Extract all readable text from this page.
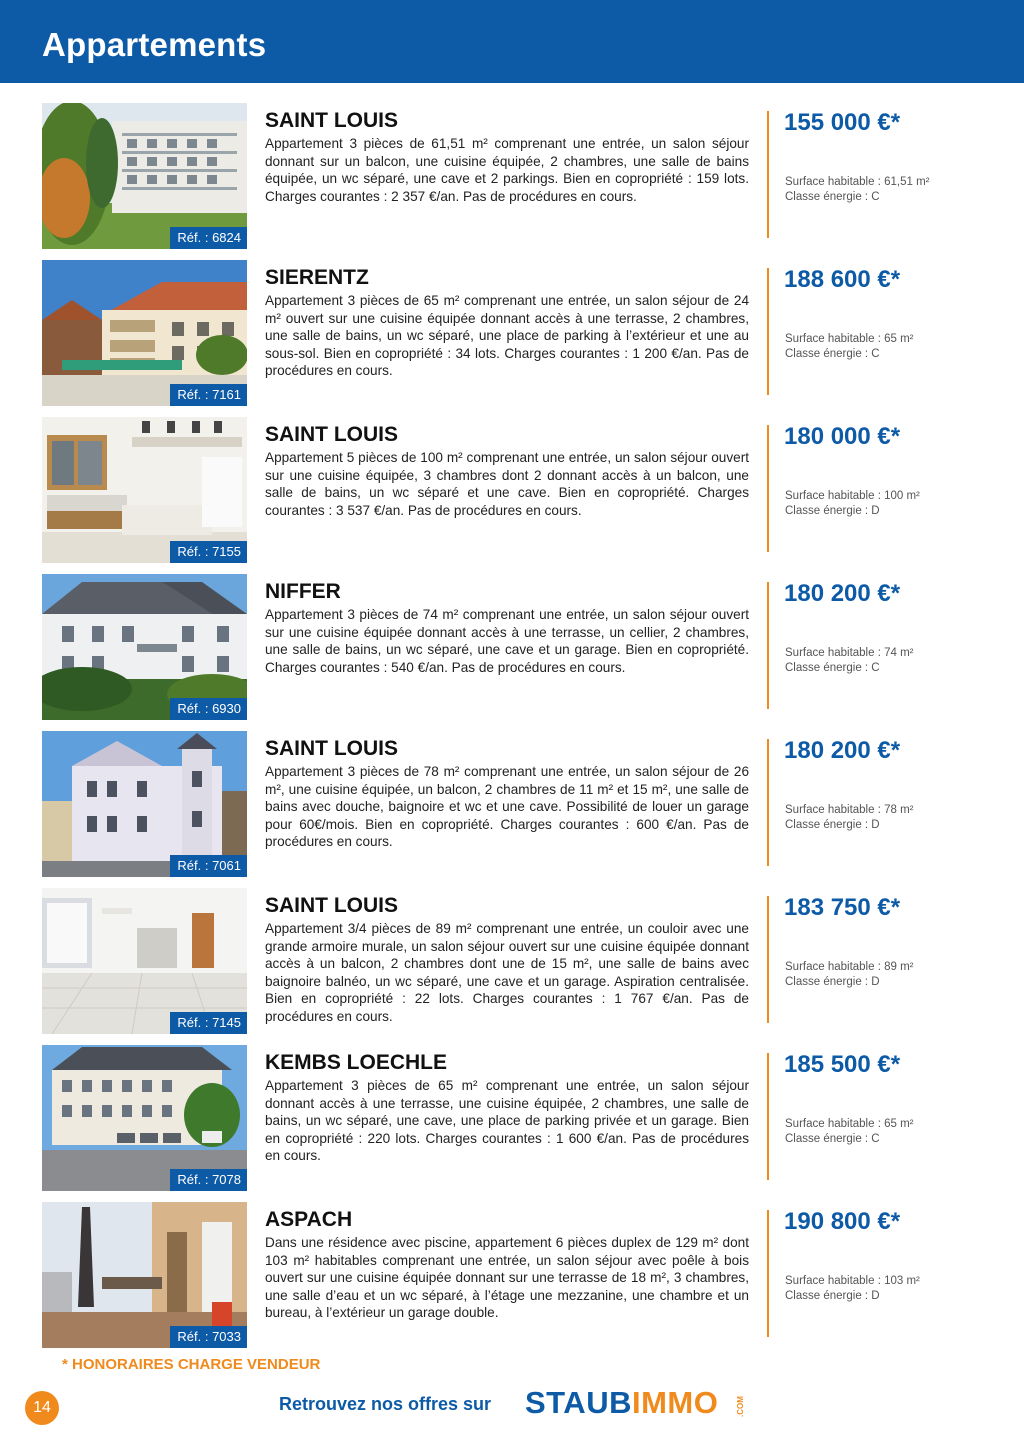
Appartements
Réf. : 6824
SAINT LOUIS
Appartement 3 pièces de 61,51 m² comprenant une entrée, un salon séjour donnant sur un balcon, une cuisine équipée, 2 chambres, une salle de bains équipée, un wc séparé, une cave et 2 parkings. Bien en copropriété : 159 lots. Charges courantes : 2 357 €/an. Pas de procédures en cours.
155 000 €*
Surface habitable : 61,51 m²
Classe énergie : C
Réf. : 7161
SIERENTZ
Appartement 3 pièces de 65 m² comprenant une entrée, un salon séjour de 24 m² ouvert sur une cuisine équipée donnant accès à une terrasse, 2 chambres, une salle de bains, un wc séparé, une place de parking à l’extérieur et une au sous-sol. Bien en copropriété : 34 lots. Charges courantes : 1 200 €/an. Pas de procédures en cours.
188 600 €*
Surface habitable : 65 m²
Classe énergie : C
Réf. : 7155
SAINT LOUIS
Appartement 5 pièces de 100 m² comprenant une entrée, un salon séjour ouvert sur une cuisine équipée, 3 chambres dont 2 donnant accès à un balcon, une salle de bains, un wc séparé et une cave. Bien en copropriété. Charges courantes : 3 537 €/an. Pas de procédures en cours.
180 000 €*
Surface habitable : 100 m²
Classe énergie : D
Réf. : 6930
NIFFER
Appartement 3 pièces de 74 m² comprenant une entrée, un salon séjour ouvert sur une cuisine équipée donnant accès à une terrasse, un cellier, 2 chambres, une salle de bains, un wc séparé, une cave et un garage. Bien en copropriété. Charges courantes : 540 €/an. Pas de procédures en cours.
180 200 €*
Surface habitable : 74 m²
Classe énergie : C
Réf. : 7061
SAINT LOUIS
Appartement 3 pièces de 78 m² comprenant une entrée, un salon séjour de 26 m², une cuisine équipée, un balcon, 2 chambres de 11 m² et 15 m², une salle de bains avec douche, baignoire et wc et une cave. Possibilité de louer un garage pour 60€/mois. Bien en copropriété. Charges courantes : 600 €/an. Pas de procédures en cours.
180 200 €*
Surface habitable : 78 m²
Classe énergie : D
Réf. : 7145
SAINT LOUIS
Appartement 3/4 pièces de 89 m² comprenant une entrée, un couloir avec une grande armoire murale, un salon séjour ouvert sur une cuisine équipée donnant accès à un balcon, 2 chambres dont une de 15 m², une salle de bains avec baignoire balnéo, un wc séparé, une cave et un garage. Aspiration centralisée. Bien en copropriété : 22 lots. Charges courantes : 1 767 €/an. Pas de procédures en cours.
183 750 €*
Surface habitable : 89 m²
Classe énergie : D
Réf. : 7078
KEMBS LOECHLE
Appartement 3 pièces de 65 m² comprenant une entrée, un salon séjour donnant accès à une terrasse, une cuisine équipée, 2 chambres, une salle de bains, un wc séparé, une cave, une place de parking privée et un garage. Bien en copropriété : 220 lots. Charges courantes : 1 600 €/an. Pas de procédures en cours.
185 500 €*
Surface habitable : 65 m²
Classe énergie : C
Réf. : 7033
ASPACH
Dans une résidence avec piscine, appartement 6 pièces duplex de 129 m² dont 103 m² habitables comprenant une entrée, un salon séjour avec poêle à bois ouvert sur une cuisine équipée donnant sur une terrasse de 18 m², 3 chambres, une salle d’eau et un wc séparé, à l’étage une mezzanine, une chambre et un bureau, à l’extérieur un garage double.
190 800 €*
Surface habitable : 103 m²
Classe énergie : D
* HONORAIRES CHARGE VENDEUR
14	Retrouvez nos offres sur STAUBIMMO .COM
